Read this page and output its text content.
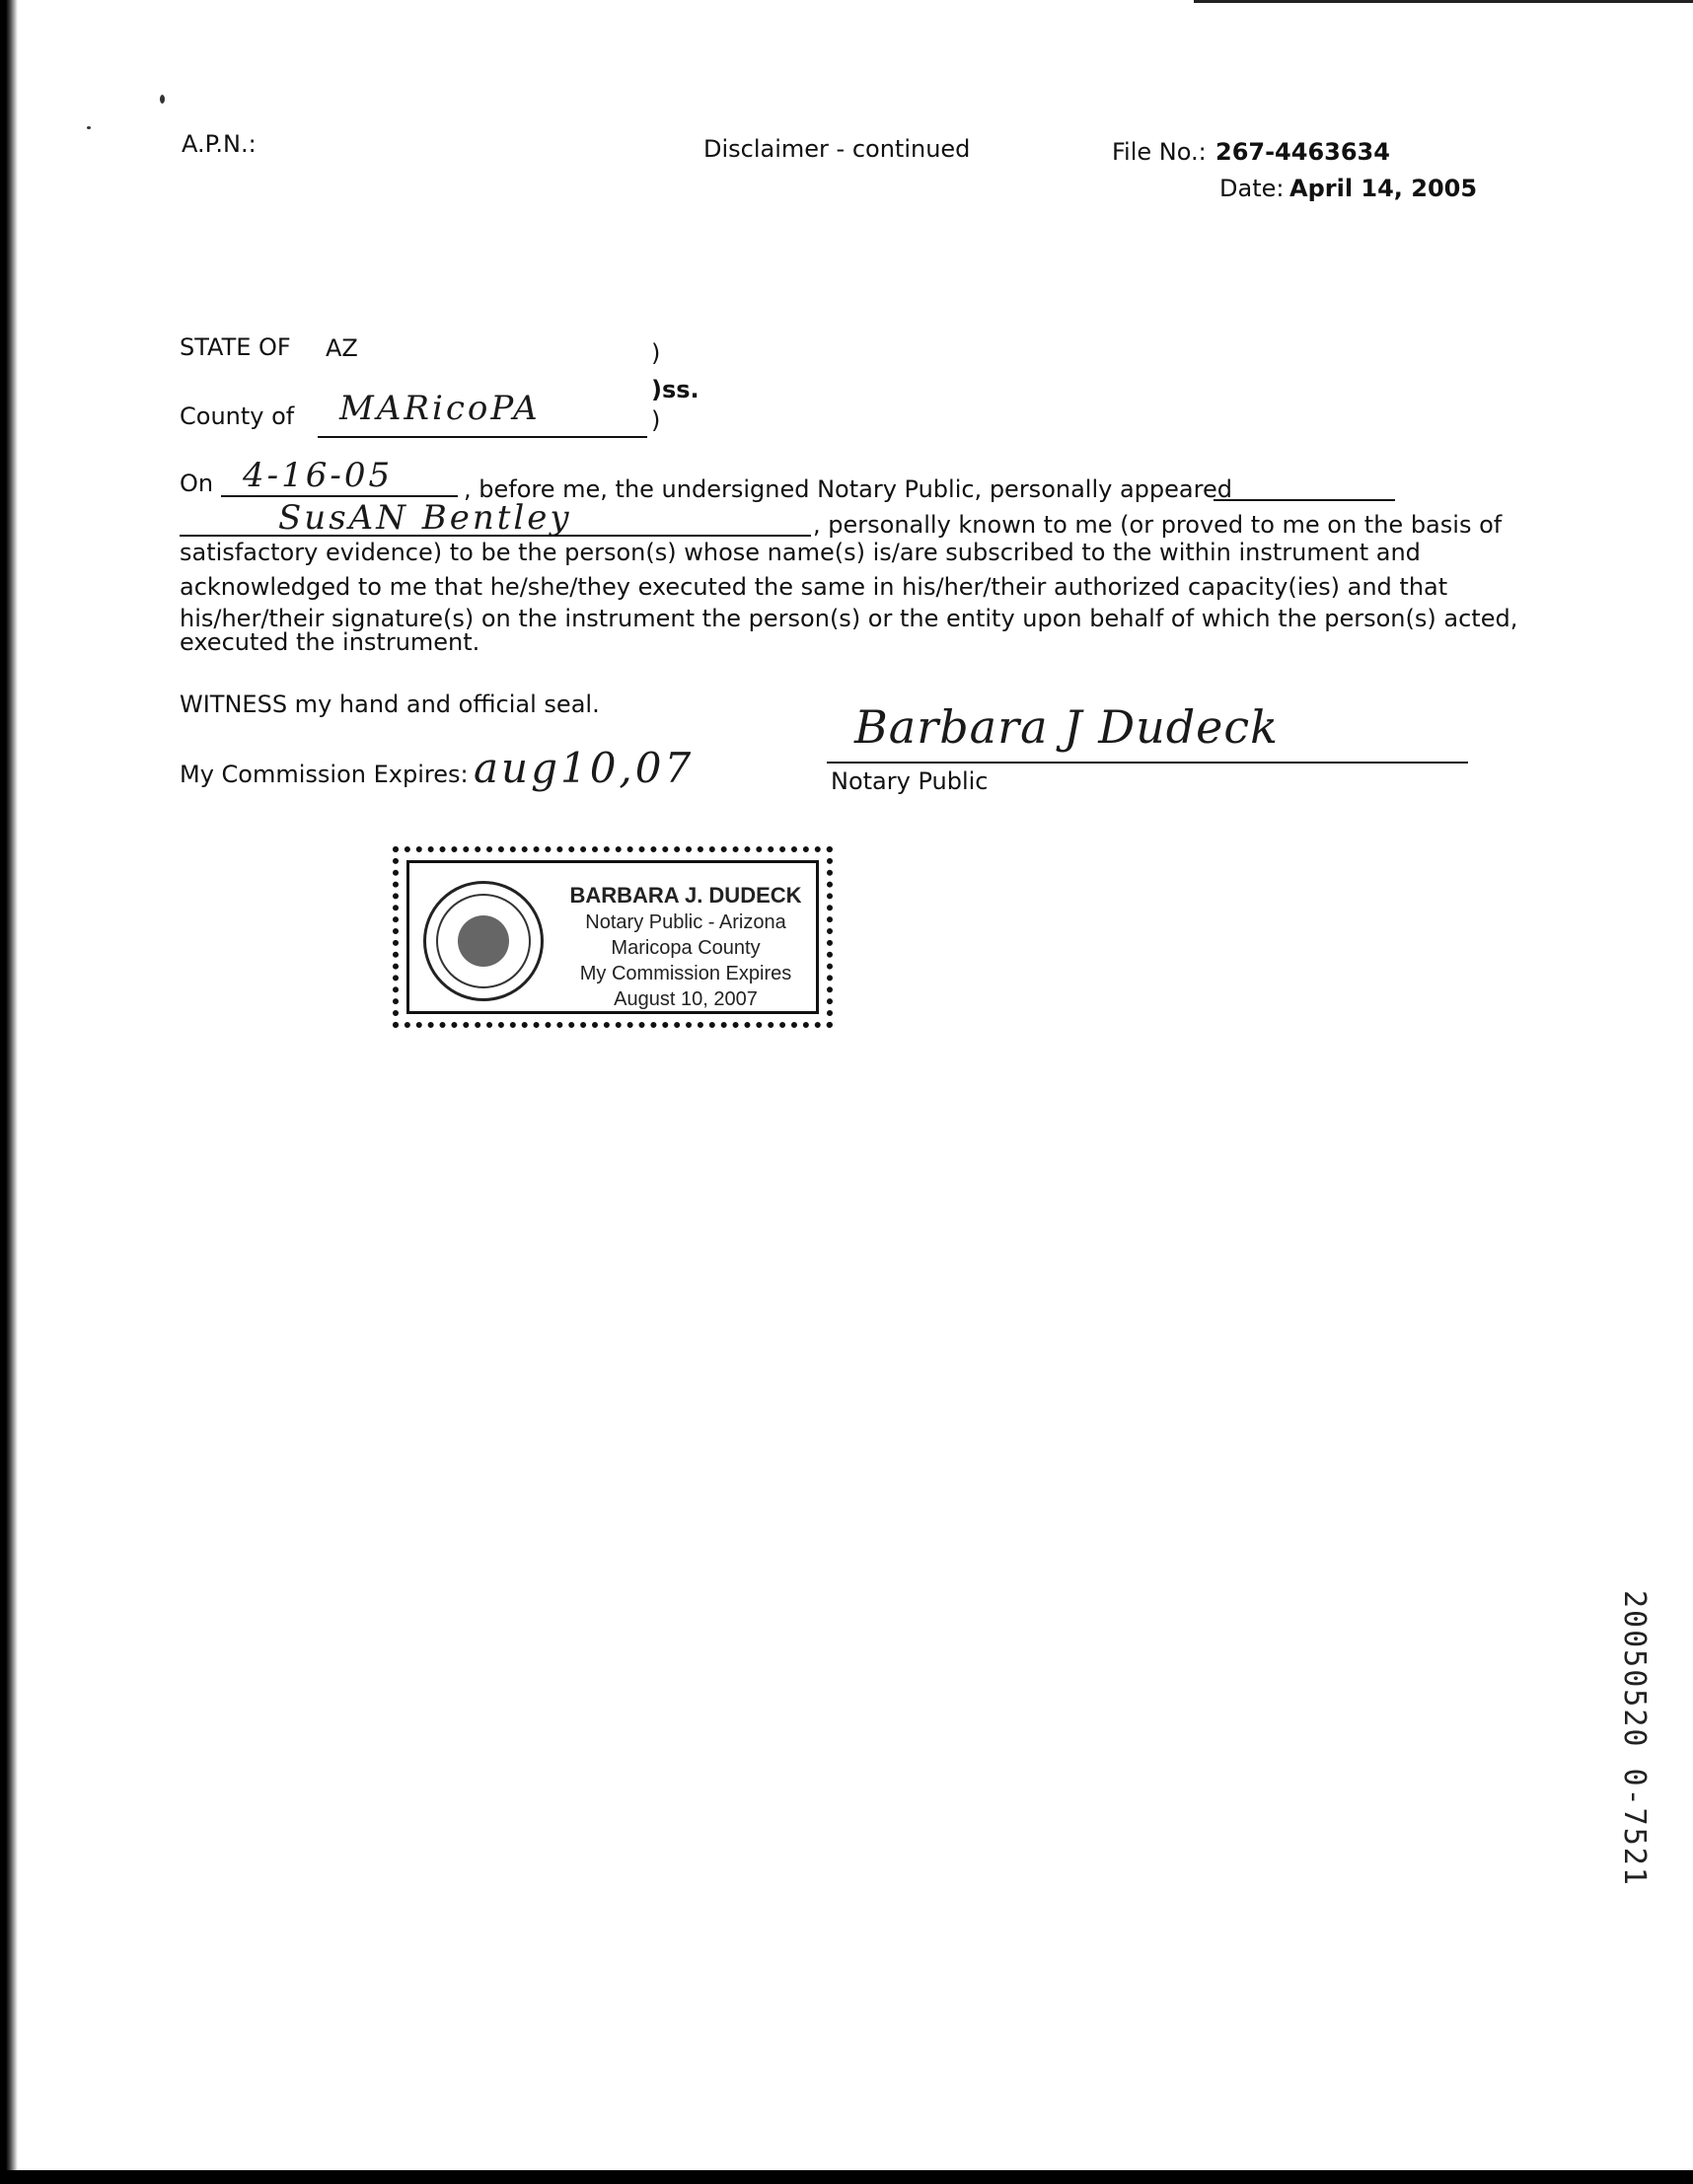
A.P.N.:	Disclaimer - continued	File No.: 267-4463634
Date: April 14, 2005
STATE OF AZ	)
)ss.
County of MARicoPA	)
On 4-16-05	, before me, the undersigned Notary Public, personally appeared
SusAN Bentley	, personally known to me (or proved to me on the basis of
satisfactory evidence) to be the person(s) whose name(s) is/are subscribed to the within instrument and
acknowledged to me that he/she/they executed the same in his/her/their authorized capacity(ies) and that
his/her/their signature(s) on the instrument the person(s) or the entity upon behalf of which the person(s) acted,
executed the instrument.
WITNESS my hand and official seal.
My Commission Expires: aug10,07
Barbara J Dudeck
Notary Public
BARBARA J. DUDECK
Notary Public - Arizona
Maricopa County
My Commission Expires
August 10, 2007
20050520 0-7521
